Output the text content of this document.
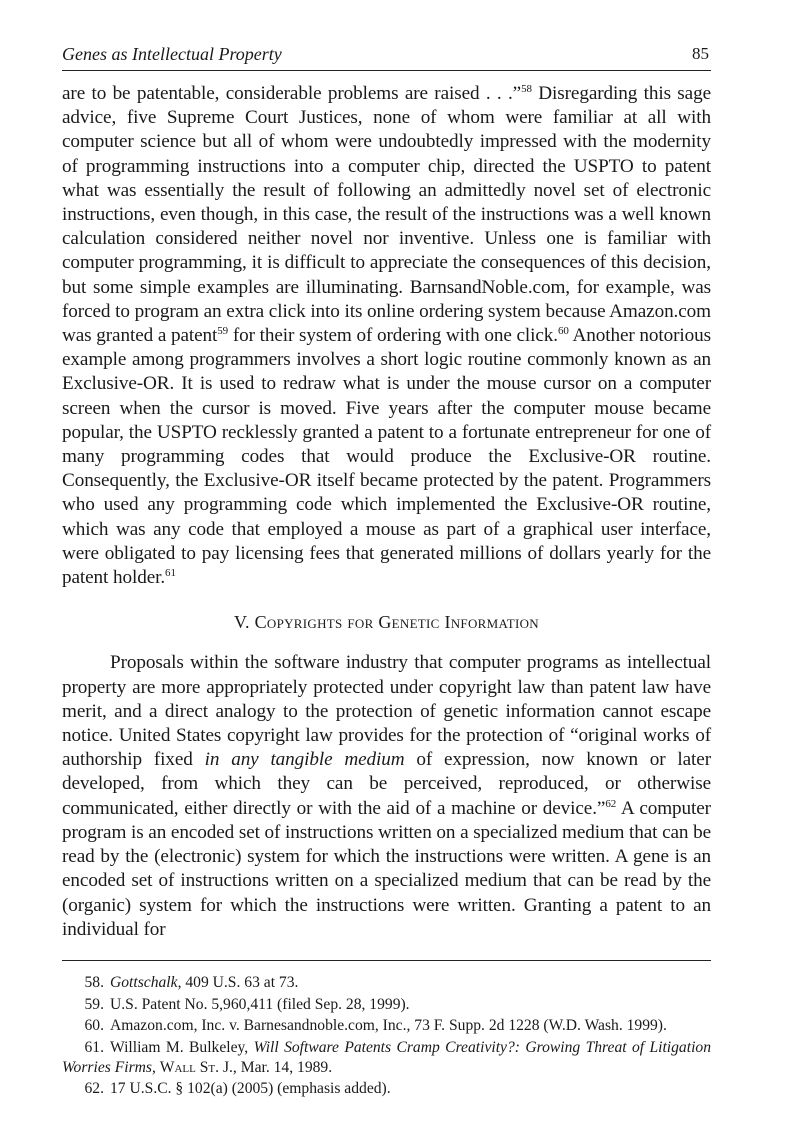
Genes as Intellectual Property	85

are to be patentable, considerable problems are raised . . .”$^{58}$ Disregarding this sage advice, five Supreme Court Justices, none of whom were familiar at all with computer science but all of whom were undoubtedly impressed with the modernity of programming instructions into a computer chip, directed the USPTO to patent what was essentially the result of following an admittedly novel set of electronic instructions, even though, in this case, the result of the instructions was a well known calculation considered neither novel nor inventive. Unless one is familiar with computer programming, it is difficult to appreciate the consequences of this decision, but some simple examples are illuminating. BarnsandNoble.com, for example, was forced to program an extra click into its online ordering system because Amazon.com was granted a patent$^{59}$ for their system of ordering with one click.$^{60}$ Another notorious example among programmers involves a short logic routine commonly known as an Exclusive-OR. It is used to redraw what is under the mouse cursor on a computer screen when the cursor is moved. Five years after the computer mouse became popular, the USPTO recklessly granted a patent to a fortunate entrepreneur for one of many programming codes that would produce the Exclusive-OR routine. Consequently, the Exclusive-OR itself became protected by the patent. Programmers who used any programming code which implemented the Exclusive-OR routine, which was any code that employed a mouse as part of a graphical user interface, were obligated to pay licensing fees that generated millions of dollars yearly for the patent holder.$^{61}$

V. Copyrights for Genetic Information

Proposals within the software industry that computer programs as intellectual property are more appropriately protected under copyright law than patent law have merit, and a direct analogy to the protection of genetic information cannot escape notice. United States copyright law provides for the protection of “original works of authorship fixed in any tangible medium of expression, now known or later developed, from which they can be perceived, reproduced, or otherwise communicated, either directly or with the aid of a machine or device.”$^{62}$ A computer program is an encoded set of instructions written on a specialized medium that can be read by the (electronic) system for which the instructions were written. A gene is an encoded set of instructions written on a specialized medium that can be read by the (organic) system for which the instructions were written. Granting a patent to an individual for

58. Gottschalk, 409 U.S. 63 at 73.
59. U.S. Patent No. 5,960,411 (filed Sep. 28, 1999).
60. Amazon.com, Inc. v. Barnesandnoble.com, Inc., 73 F. Supp. 2d 1228 (W.D. Wash. 1999).
61. William M. Bulkeley, Will Software Patents Cramp Creativity?: Growing Threat of Litigation Worries Firms, Wall St. J., Mar. 14, 1989.
62. 17 U.S.C. § 102(a) (2005) (emphasis added).
